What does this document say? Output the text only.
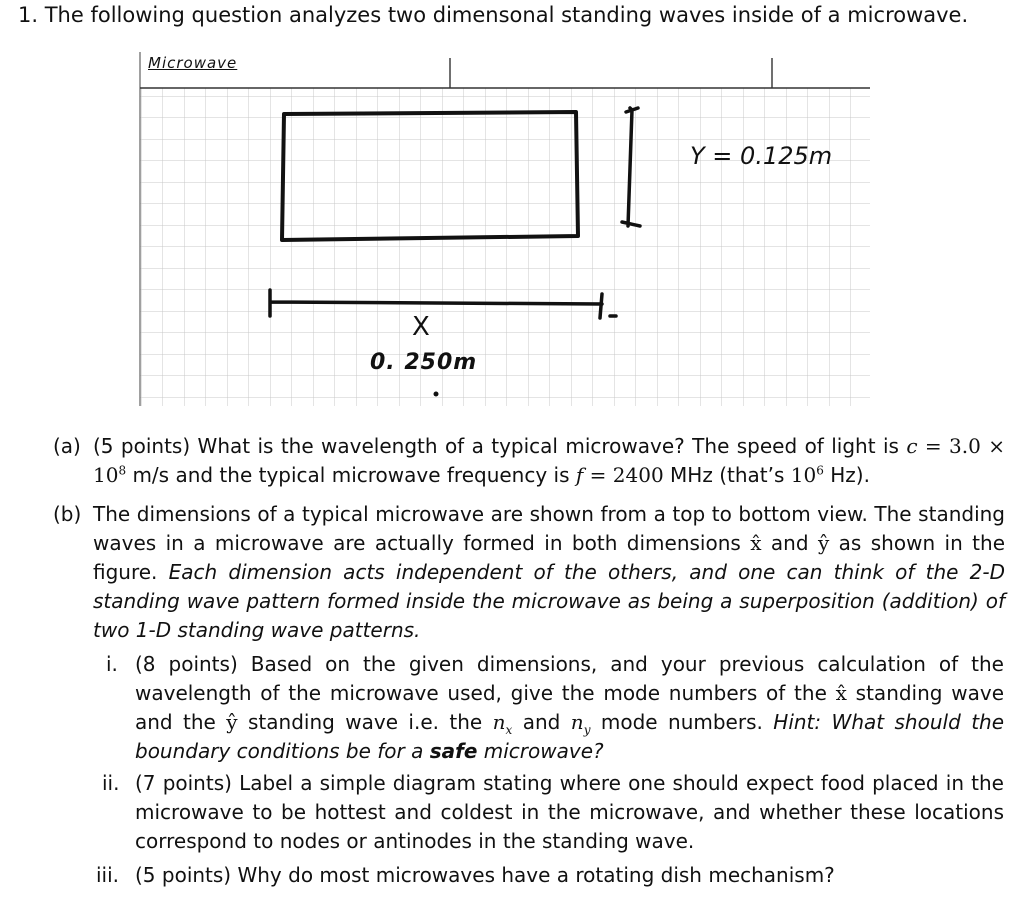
1. The following question analyzes two dimensonal standing waves inside of a microwave.
Microwave
Y = 0.125m
X
0. 250m
(a) (5 points) What is the wavelength of a typical microwave? The speed of light is $c = 3.0 \times 10^8$ m/s and the typical microwave frequency is f = 2400 MHz (that’s $10^6$ Hz).
(b) The dimensions of a typical microwave are shown from a top to bottom view. The standing waves in a microwave are actually formed in both dimensions x̂ and ŷ as shown in the figure. Each dimension acts independent of the others, and one can think of the 2-D standing wave pattern formed inside the microwave as being a superposition (addition) of two 1-D standing wave patterns.
i. (8 points) Based on the given dimensions, and your previous calculation of the wavelength of the microwave used, give the mode numbers of the x̂ standing wave and the ŷ standing wave i.e. the $n_x$ and $n_y$ mode numbers. Hint: What should the boundary conditions be for a safe microwave?
ii. (7 points) Label a simple diagram stating where one should expect food placed in the microwave to be hottest and coldest in the microwave, and whether these locations correspond to nodes or antinodes in the standing wave.
iii. (5 points) Why do most microwaves have a rotating dish mechanism?
